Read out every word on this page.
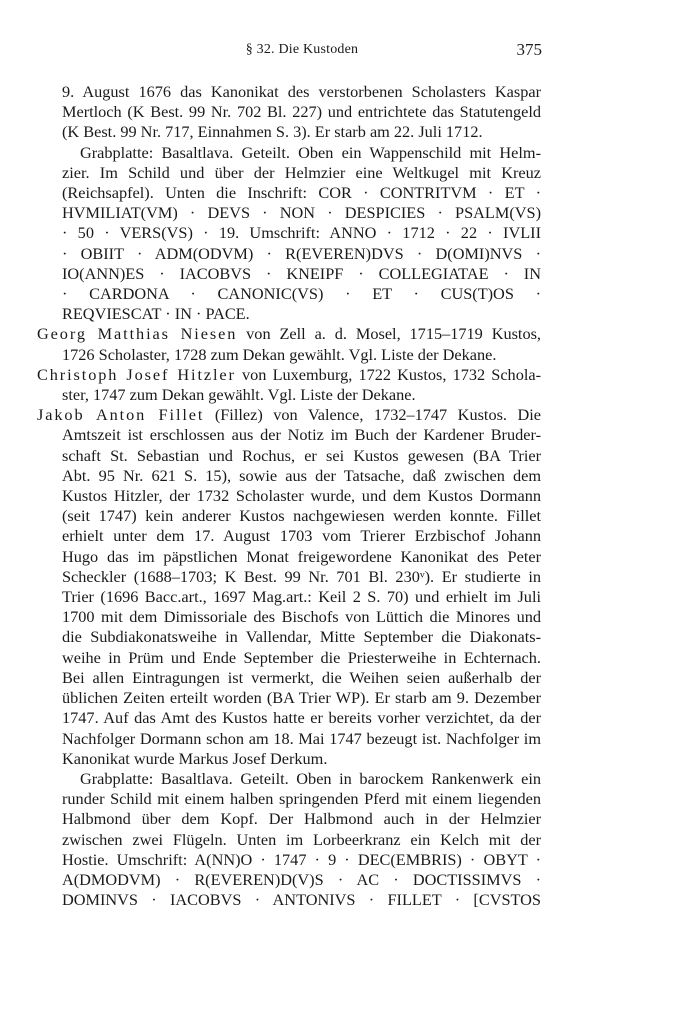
§ 32. Die Kustoden	375
9. August 1676 das Kanonikat des verstorbenen Scholasters Kaspar
Mertloch (K Best. 99 Nr. 702 Bl. 227) und entrichtete das Statutengeld
(K Best. 99 Nr. 717, Einnahmen S. 3). Er starb am 22. Juli 1712.
Grabplatte: Basaltlava. Geteilt. Oben ein Wappenschild mit Helm-
zier. Im Schild und über der Helmzier eine Weltkugel mit Kreuz
(Reichsapfel). Unten die Inschrift: COR · CONTRITVM · ET ·
HVMILIAT(VM) · DEVS · NON · DESPICIES · PSALM(VS)
· 50 · VERS(VS) · 19. Umschrift: ANNO · 1712 · 22 · IVLII
· OBIIT · ADM(ODVM) · R(EVEREN)DVS · D(OMI)NVS ·
IO(ANN)ES · IACOBVS · KNEIPF · COLLEGIATAE · IN
· CARDONA · CANONIC(VS) · ET · CUS(T)OS ·
REQVIESCAT · IN · PACE.
Georg Matthias Niesen von Zell a. d. Mosel, 1715–1719 Kustos,
1726 Scholaster, 1728 zum Dekan gewählt. Vgl. Liste der Dekane.
Christoph Josef Hitzler von Luxemburg, 1722 Kustos, 1732 Schola-
ster, 1747 zum Dekan gewählt. Vgl. Liste der Dekane.
Jakob Anton Fillet (Fillez) von Valence, 1732–1747 Kustos. Die
Amtszeit ist erschlossen aus der Notiz im Buch der Kardener Bruder-
schaft St. Sebastian und Rochus, er sei Kustos gewesen (BA Trier
Abt. 95 Nr. 621 S. 15), sowie aus der Tatsache, daß zwischen dem
Kustos Hitzler, der 1732 Scholaster wurde, und dem Kustos Dormann
(seit 1747) kein anderer Kustos nachgewiesen werden konnte. Fillet
erhielt unter dem 17. August 1703 vom Trierer Erzbischof Johann
Hugo das im päpstlichen Monat freigewordene Kanonikat des Peter
Scheckler (1688–1703; K Best. 99 Nr. 701 Bl. 230ᵛ). Er studierte in
Trier (1696 Bacc.art., 1697 Mag.art.: Keil 2 S. 70) und erhielt im Juli
1700 mit dem Dimissoriale des Bischofs von Lüttich die Minores und
die Subdiakonatsweihe in Vallendar, Mitte September die Diakonats-
weihe in Prüm und Ende September die Priesterweihe in Echternach.
Bei allen Eintragungen ist vermerkt, die Weihen seien außerhalb der
üblichen Zeiten erteilt worden (BA Trier WP). Er starb am 9. Dezember
1747. Auf das Amt des Kustos hatte er bereits vorher verzichtet, da der
Nachfolger Dormann schon am 18. Mai 1747 bezeugt ist. Nachfolger im
Kanonikat wurde Markus Josef Derkum.
Grabplatte: Basaltlava. Geteilt. Oben in barockem Rankenwerk ein
runder Schild mit einem halben springenden Pferd mit einem liegenden
Halbmond über dem Kopf. Der Halbmond auch in der Helmzier
zwischen zwei Flügeln. Unten im Lorbeerkranz ein Kelch mit der
Hostie. Umschrift: A(NN)O · 1747 · 9 · DEC(EMBRIS) · OBYT ·
A(DMODVM) · R(EVEREN)D(V)S · AC · DOCTISSIMVS ·
DOMINVS · IACOBVS · ANTONIVS · FILLET · [CVSTOS
